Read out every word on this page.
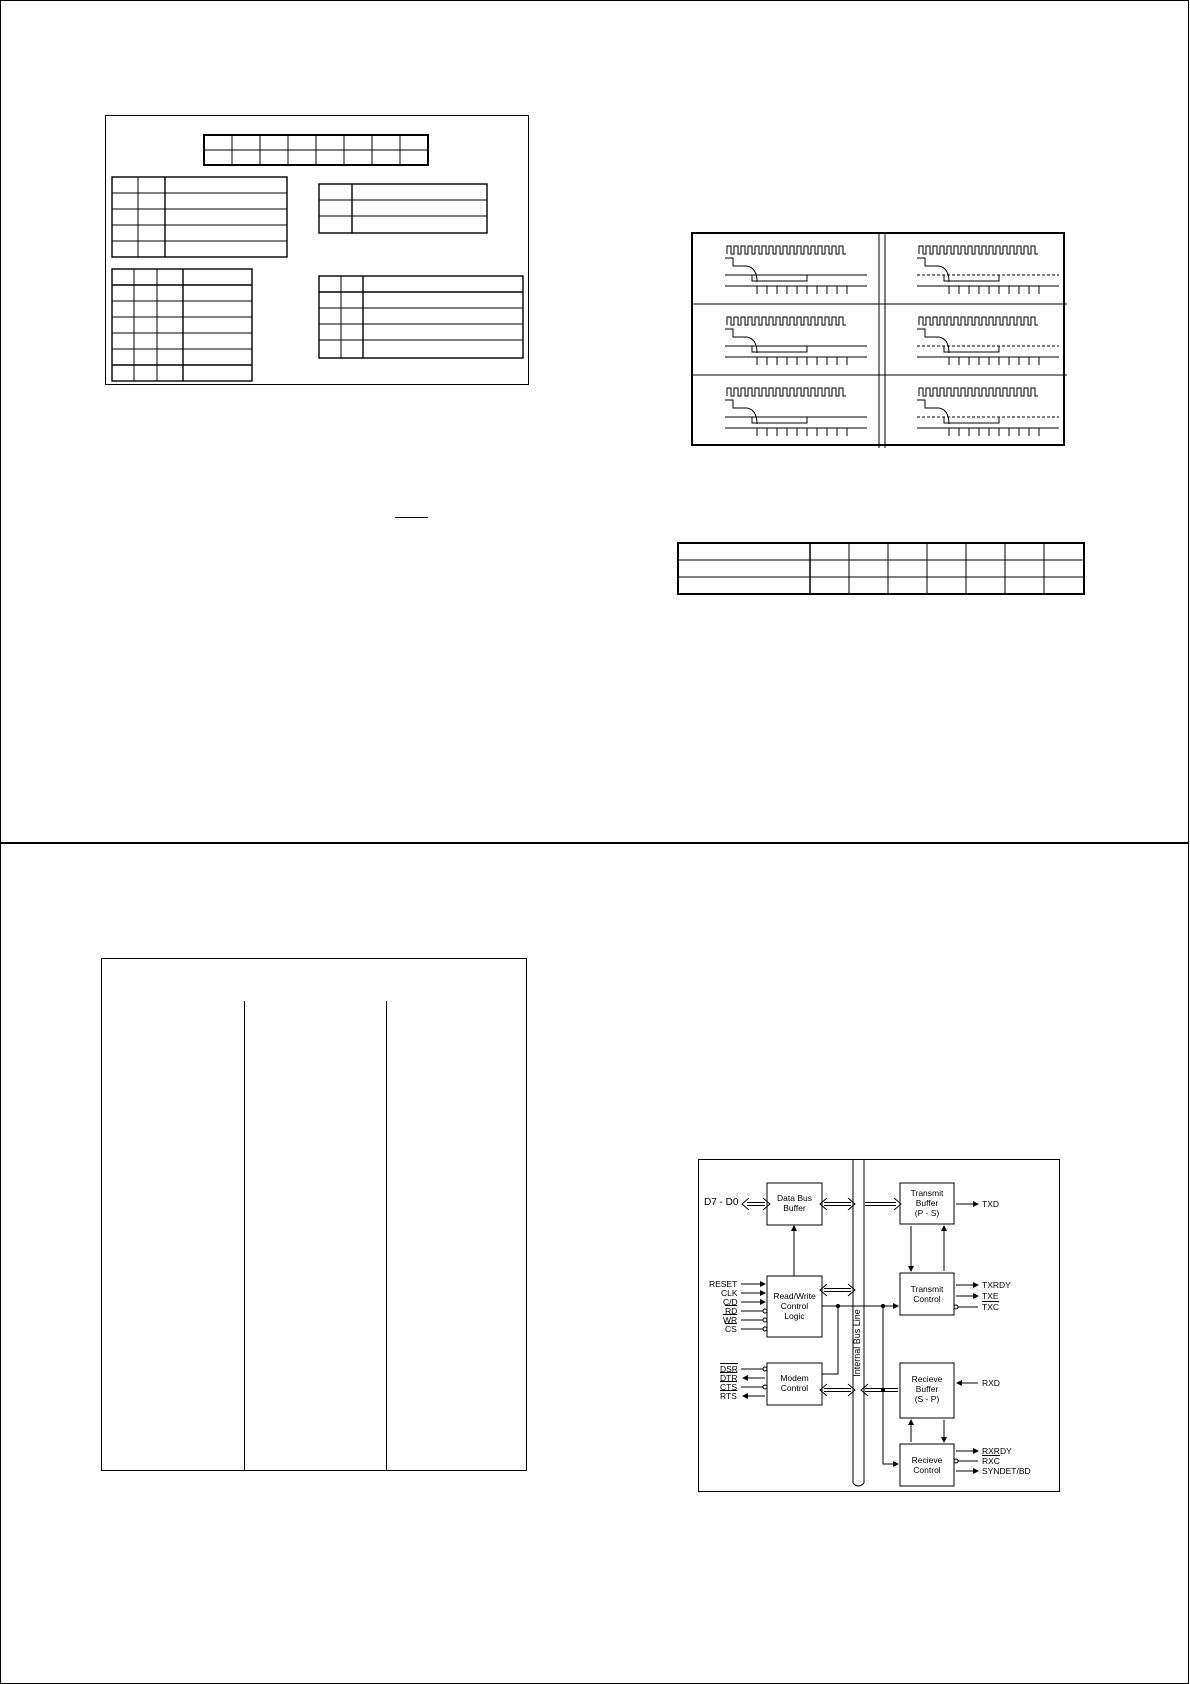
Internal Bus Line
Data Bus
Buffer
Read/Write
Control
Logic
Modem
Control
Transmit
Buffer
(P - S)
Transmit
Control
Recieve
Buffer
(S - P)
Recieve
Control
D7 - D0
RESET
CLK
C/D
$\overline{RD}$
$\overline{WR}$
$\overline{CS}$
$\overline{DSR}$
$\overline{DTR}$
$\overline{CTS}$
$\overline{RTS}$
TXD
TXRDY
TXE
$\overline{TXC}$
RXD
RXRDY
$\overline{RXC}$
SYNDET/BD
